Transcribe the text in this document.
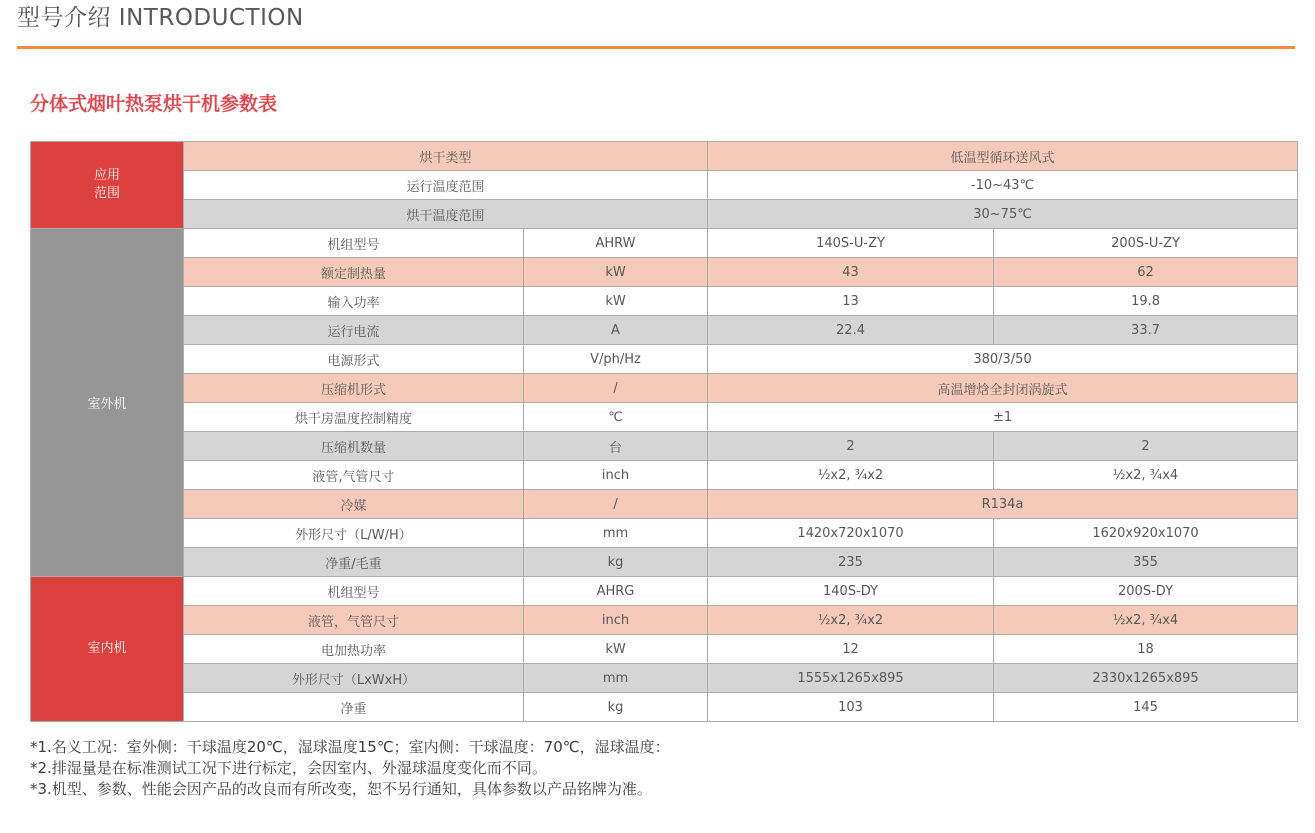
型号介绍 INTRODUCTION
分体式烟叶热泵烘干机参数表
应用
范围	烘干类型		低温型循环送风式	
	运行温度范围		-10~43℃	
	烘干温度范围		30~75℃	
室外机	机组型号	AHRW	140S-U-ZY	200S-U-ZY
	额定制热量	kW	43	62
	输入功率	kW	13	19.8
	运行电流	A	22.4	33.7
	电源形式	V/ph/Hz	380/3/50	
	压缩机形式	/	高温增焓全封闭涡旋式	
	烘干房温度控制精度	℃	±1	
	压缩机数量	台	2	2
	液管,气管尺寸	inch	½x2, ¾x2	½x2, ¾x4
	冷媒	/	R134a	
	外形尺寸（L/W/H）	mm	1420x720x1070	1620x920x1070
	净重/毛重	kg	235	355
室内机	机组型号	AHRG	140S-DY	200S-DY
	液管，气管尺寸	inch	½x2, ¾x2	½x2, ¾x4
	电加热功率	kW	12	18
	外形尺寸（LxWxH）	mm	1555x1265x895	2330x1265x895
	净重	kg	103	145
*1.名义工况：室外侧：干球温度20℃，湿球温度15℃；室内侧：干球温度：70℃，湿球温度：
*2.排湿量是在标准测试工况下进行标定，会因室内、外湿球温度变化而不同。
*3.机型、参数、性能会因产品的改良而有所改变，恕不另行通知，具体参数以产品铭牌为准。
